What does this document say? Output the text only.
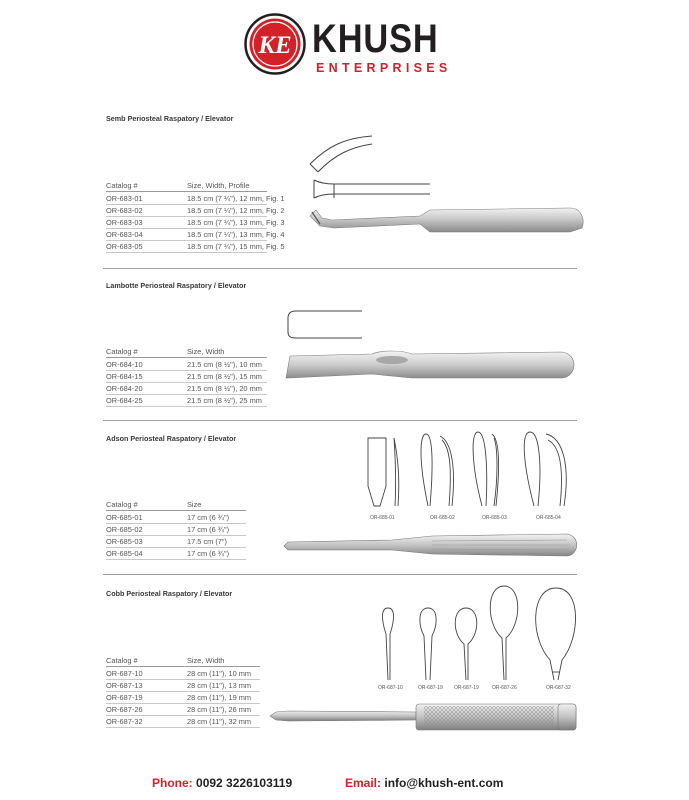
KE KHUSH
ENTERPRISES
Semb Periosteal Raspatory / Elevator
Catalog #	Size, Width, Profile
OR-683-01	18.5 cm (7 ¼"), 12 mm, Fig. 1
OR-683-02	18.5 cm (7 ¼"), 12 mm, Fig. 2
OR-683-03	18.5 cm (7 ¼"), 13 mm, Fig. 3
OR-683-04	18.5 cm (7 ¼"), 13 mm, Fig. 4
OR-683-05	18.5 cm (7 ¼"), 15 mm, Fig. 5
Lambotte Periosteal Raspatory / Elevator
Catalog #	Size, Width
OR-684-10	21.5 cm (8 ½"), 10 mm
OR-684-15	21.5 cm (8 ½"), 15 mm
OR-684-20	21.5 cm (8 ½"), 20 mm
OR-684-25	21.5 cm (8 ½"), 25 mm
Adson Periosteal Raspatory / Elevator
Catalog #	Size
OR-685-01	17 cm (6 ¾")
OR-685-02	17 cm (6 ¾")
OR-685-03	17.5 cm (7")
OR-685-04	17 cm (6 ¾")
OR-685-01	OR-685-02	OR-685-03	OR-685-04
Cobb Periosteal Raspatory / Elevator
Catalog #	Size, Width
OR-687-10	28 cm (11"), 10 mm
OR-687-13	28 cm (11"), 13 mm
OR-687-19	28 cm (11"), 19 mm
OR-687-26	28 cm (11"), 26 mm
OR-687-32	28 cm (11"), 32 mm
OR-687-10	OR-687-19 OR-687-19	OR-687-26	OR-687-32
Phone: 0092 3226103119	Email: info@khush-ent.com
